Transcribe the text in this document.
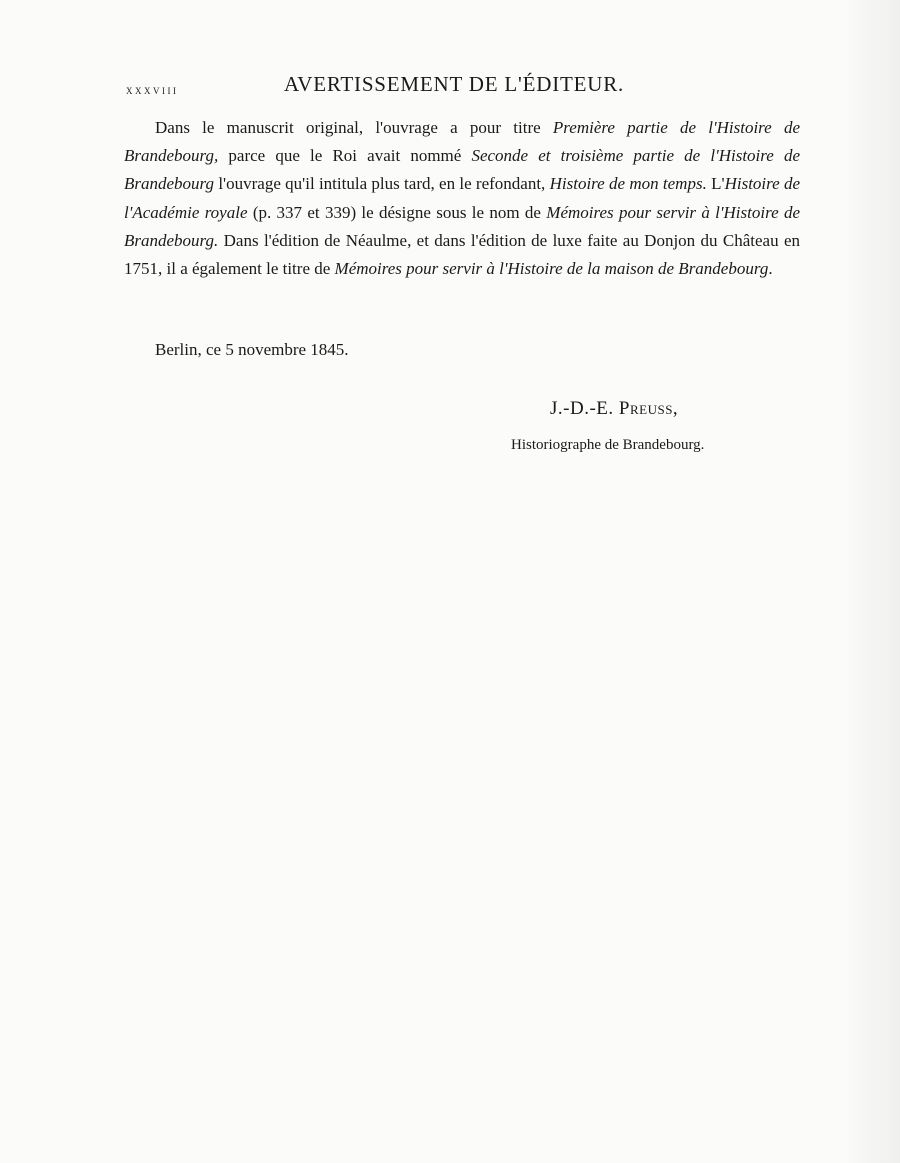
xxxviii	AVERTISSEMENT DE L'ÉDITEUR.

Dans le manuscrit original, l'ouvrage a pour titre Première partie de l'Histoire de Brandebourg, parce que le Roi avait nommé Seconde et troisième partie de l'Histoire de Brandebourg l'ouvrage qu'il intitula plus tard, en le refondant, Histoire de mon temps. L'Histoire de l'Académie royale (p. 337 et 339) le désigne sous le nom de Mémoires pour servir à l'Histoire de Brandebourg. Dans l'édition de Néaulme, et dans l'édition de luxe faite au Donjon du Château en 1751, il a également le titre de Mémoires pour servir à l'Histoire de la maison de Brandebourg.

Berlin, ce 5 novembre 1845.
J.-D.-E. Preuss,
Historiographe de Brandebourg.
